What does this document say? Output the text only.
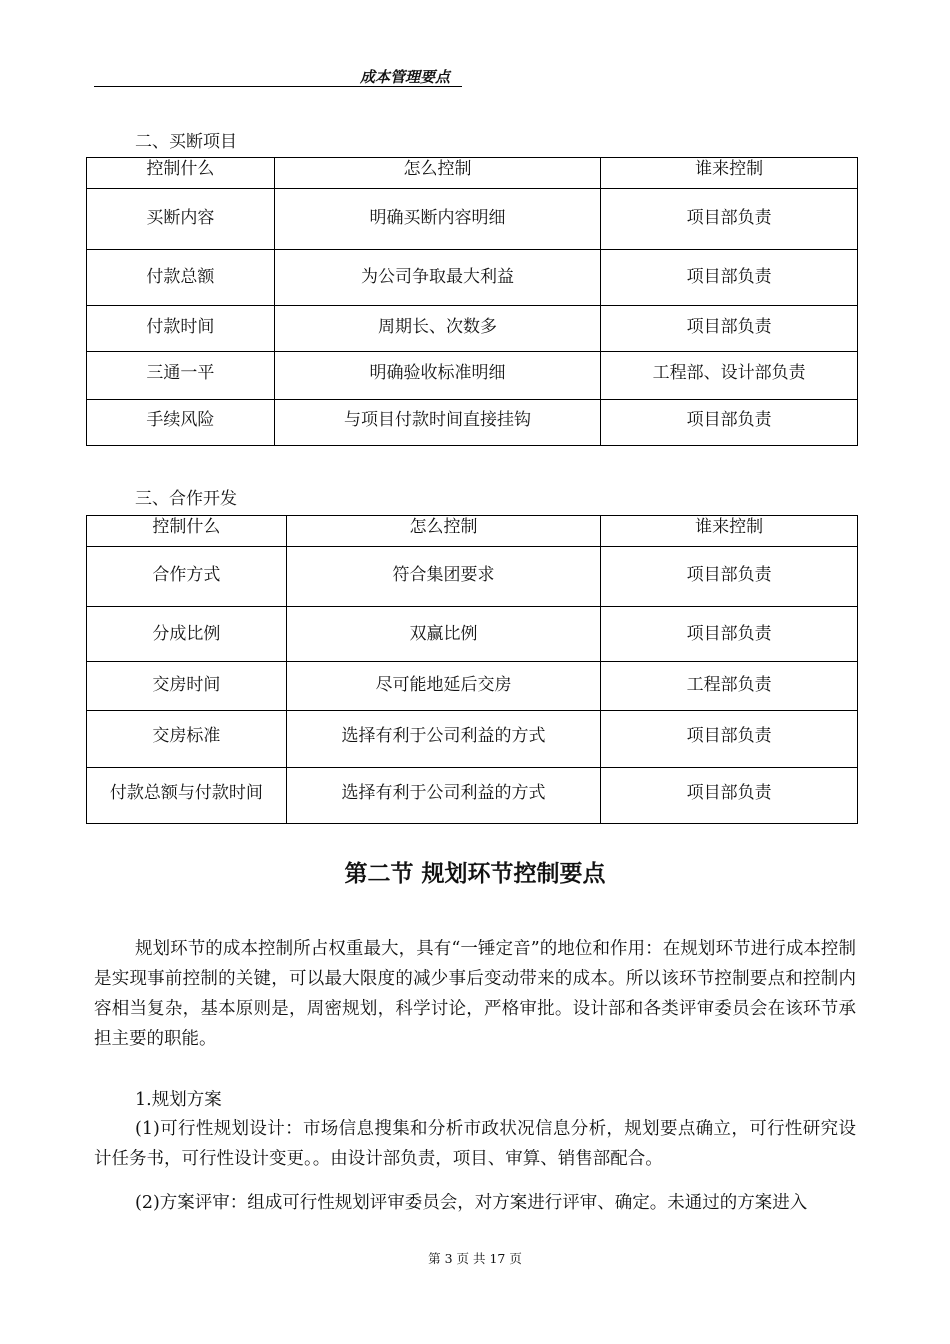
成本管理要点
二、买断项目
控制什么	怎么控制	谁来控制
买断内容	明确买断内容明细	项目部负责
付款总额	为公司争取最大利益	项目部负责
付款时间	周期长、次数多	项目部负责
三通一平	明确验收标准明细	工程部、设计部负责
手续风险	与项目付款时间直接挂钩	项目部负责
三、合作开发
控制什么	怎么控制	谁来控制
合作方式	符合集团要求	项目部负责
分成比例	双赢比例	项目部负责
交房时间	尽可能地延后交房	工程部负责
交房标准	选择有利于公司利益的方式	项目部负责
付款总额与付款时间	选择有利于公司利益的方式	项目部负责
第二节 规划环节控制要点
规划环节的成本控制所占权重最大，具有“一锤定音”的地位和作用：在规划环节进行成本控制是实现事前控制的关键，可以最大限度的减少事后变动带来的成本。所以该环节控制要点和控制内容相当复杂，基本原则是，周密规划，科学讨论，严格审批。设计部和各类评审委员会在该环节承担主要的职能。
1.规划方案
(1)可行性规划设计：市场信息搜集和分析市政状况信息分析，规划要点确立，可行性研究设计任务书，可行性设计变更。。由设计部负责，项目、审算、销售部配合。
(2)方案评审：组成可行性规划评审委员会，对方案进行评审、确定。未通过的方案进入
第 3 页 共 17 页
